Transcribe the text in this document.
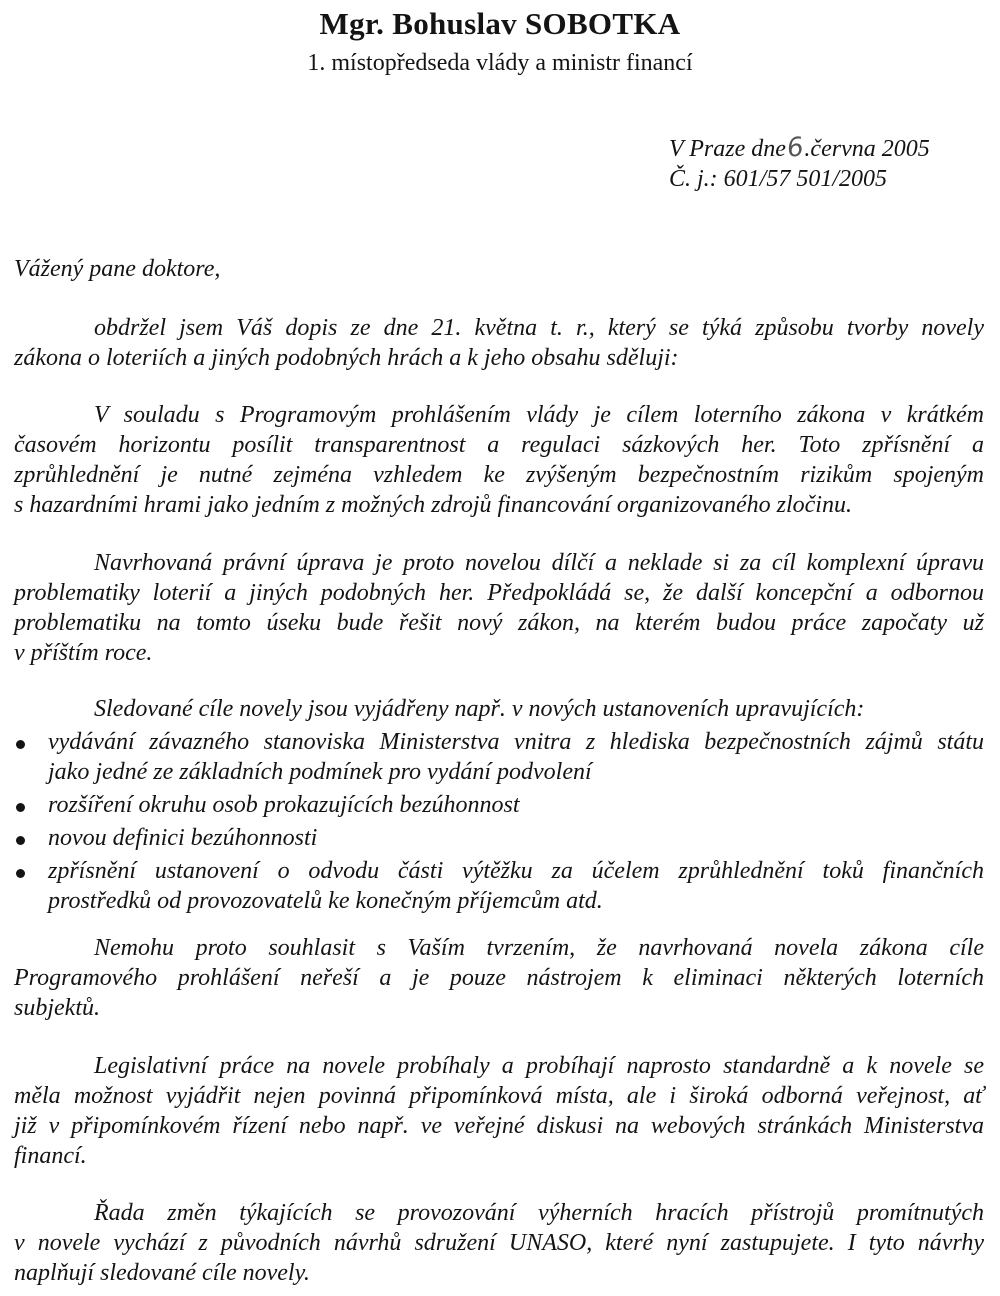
Mgr. Bohuslav SOBOTKA
1. místopředseda vlády a ministr financí
V Praze dne6.června 2005
Č. j.: 601/57 501/2005
Vážený pane doktore,
obdržel jsem Váš dopis ze dne 21. května t. r., který se týká způsobu tvorby novely
zákona o loteriích a jiných podobných hrách a k jeho obsahu sděluji:
V souladu s Programovým prohlášením vlády je cílem loterního zákona v krátkém
časovém horizontu posílit transparentnost a regulaci sázkových her. Toto zpřísnění a
zprůhlednění je nutné zejména vzhledem ke zvýšeným bezpečnostním rizikům spojeným
s hazardními hrami jako jedním z možných zdrojů financování organizovaného zločinu.
Navrhovaná právní úprava je proto novelou dílčí a neklade si za cíl komplexní úpravu
problematiky loterií a jiných podobných her. Předpokládá se, že další koncepční a odbornou
problematiku na tomto úseku bude řešit nový zákon, na kterém budou práce započaty už
v příštím roce.
Sledované cíle novely jsou vyjádřeny např. v nových ustanoveních upravujících:
vydávání závazného stanoviska Ministerstva vnitra z hlediska bezpečnostních zájmů státu
jako jedné ze základních podmínek pro vydání podvolení
rozšíření okruhu osob prokazujících bezúhonnost
novou definici bezúhonnosti
zpřísnění ustanovení o odvodu části výtěžku za účelem zprůhlednění toků finančních
prostředků od provozovatelů ke konečným příjemcům atd.
Nemohu proto souhlasit s Vaším tvrzením, že navrhovaná novela zákona cíle
Programového prohlášení neřeší a je pouze nástrojem k eliminaci některých loterních
subjektů.
Legislativní práce na novele probíhaly a probíhají naprosto standardně a k novele se
měla možnost vyjádřit nejen povinná připomínková místa, ale i široká odborná veřejnost, ať
již v připomínkovém řízení nebo např. ve veřejné diskusi na webových stránkách Ministerstva
financí.
Řada změn týkajících se provozování výherních hracích přístrojů promítnutých
v novele vychází z původních návrhů sdružení UNASO, které nyní zastupujete. I tyto návrhy
naplňují sledované cíle novely.
